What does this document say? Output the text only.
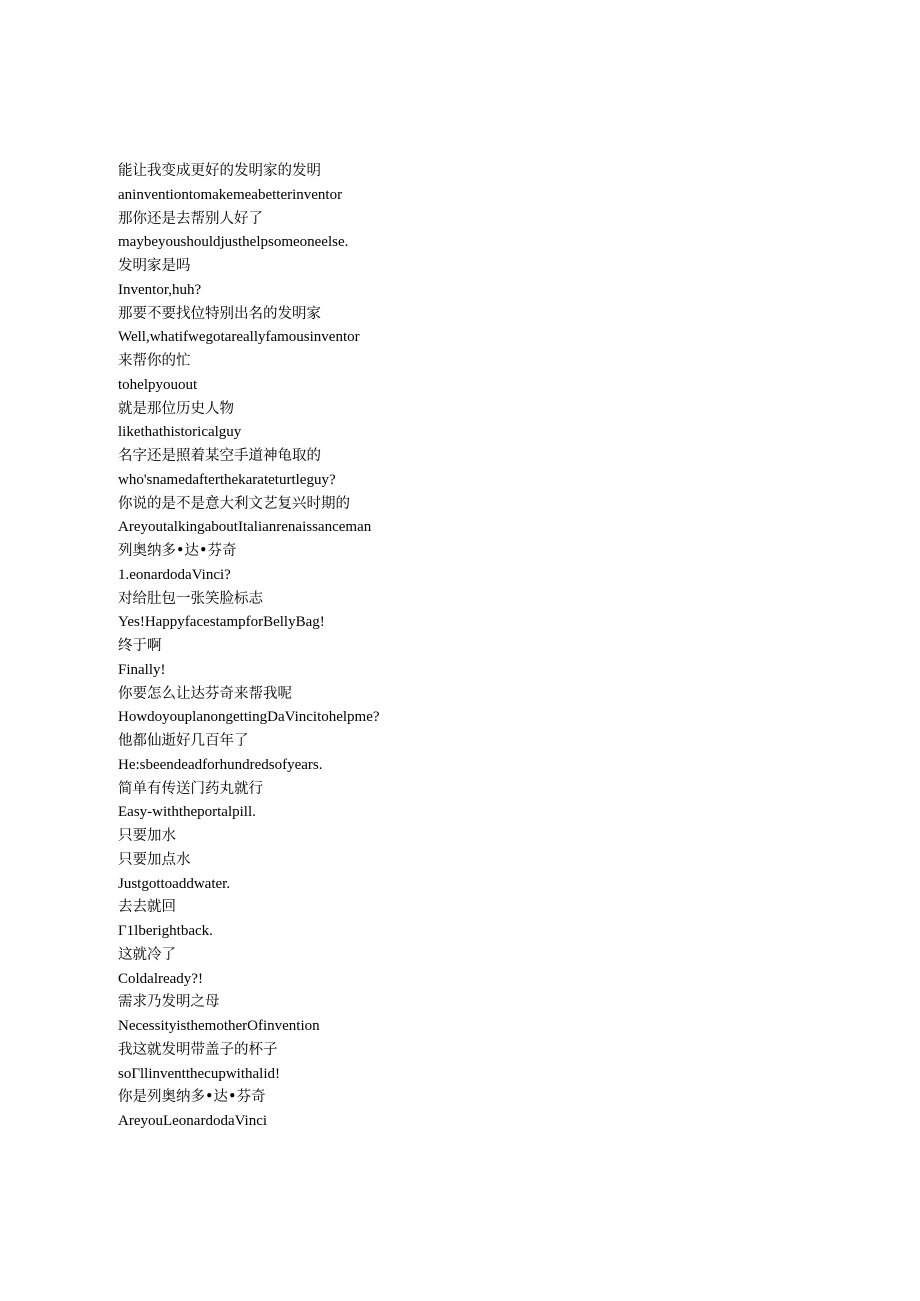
能让我变成更好的发明家的发明
aninventiontomakemeabetterinventor
那你还是去帮别人好了
maybeyoushouldjusthelpsomeoneelse.
发明家是吗
Inventor,huh?
那要不要找位特别出名的发明家
Well,whatifwegotareallyfamousinventor
来帮你的忙
tohelpyouout
就是那位历史人物
likethathistoricalguy
名字还是照着某空手道神龟取的
who'snamedafterthekarateturtleguy?
你说的是不是意大利文艺复兴时期的
AreyoutalkingaboutItalianrenaissanceman
列奥纳多•达•芬奇
1.eonardodaVinci?
对给肚包一张笑脸标志
Yes!HappyfacestampforBellyBag!
终于啊
Finally!
你要怎么让达芬奇来帮我呢
HowdoyouplanongettingDaVincitohelpme?
他都仙逝好几百年了
He:sbeendeadforhundredsofyears.
简单有传送门药丸就行
Easy-withtheportalpill.
只要加水
只要加点水
Justgottoaddwater.
去去就回
Γ1lberightback.
这就冷了
Coldalready?!
需求乃发明之母
NecessityisthemotherOfinvention
我这就发明带盖子的杯子
soΓllinventthecupwithalid!
你是列奥纳多•达•芬奇
AreyouLeonardodaVinci
